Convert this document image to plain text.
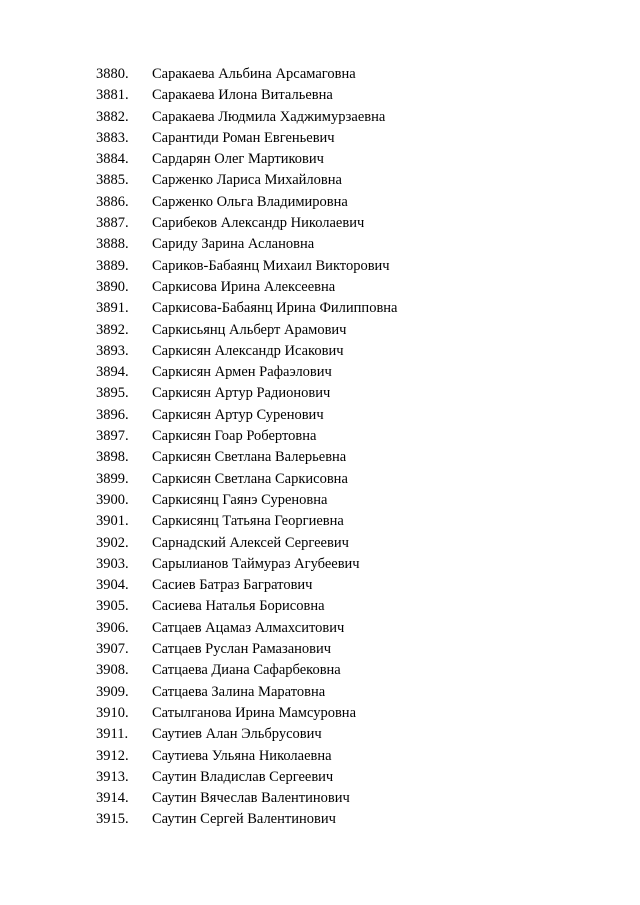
3880.	Саракаева Альбина Арсамаговна
3881.	Саракаева Илона Витальевна
3882.	Саракаева Людмила Хаджимурзаевна
3883.	Сарантиди Роман Евгеньевич
3884.	Сардарян Олег Мартикович
3885.	Сарженко Лариса Михайловна
3886.	Сарженко Ольга Владимировна
3887.	Сарибеков Александр Николаевич
3888.	Сариду Зарина Аслановна
3889.	Сариков-Бабаянц Михаил Викторович
3890.	Саркисова Ирина Алексеевна
3891.	Саркисова-Бабаянц Ирина Филипповна
3892.	Саркисьянц Альберт Арамович
3893.	Саркисян Александр Исакович
3894.	Саркисян Армен Рафаэлович
3895.	Саркисян Артур Радионович
3896.	Саркисян Артур Суренович
3897.	Саркисян Гоар Робертовна
3898.	Саркисян Светлана Валерьевна
3899.	Саркисян Светлана Саркисовна
3900.	Саркисянц Гаянэ Суреновна
3901.	Саркисянц Татьяна Георгиевна
3902.	Сарнадский Алексей Сергеевич
3903.	Сарылианов Таймураз Агубеевич
3904.	Сасиев Батраз Багратович
3905.	Сасиева Наталья Борисовна
3906.	Сатцаев Ацамаз Алмахситович
3907.	Сатцаев Руслан Рамазанович
3908.	Сатцаева Диана Сафарбековна
3909.	Сатцаева Залина Маратовна
3910.	Сатылганова Ирина Мамсуровна
3911.	Саутиев Алан Эльбрусович
3912.	Саутиева Ульяна Николаевна
3913.	Саутин Владислав Сергеевич
3914.	Саутин Вячеслав Валентинович
3915.	Саутин Сергей Валентинович
